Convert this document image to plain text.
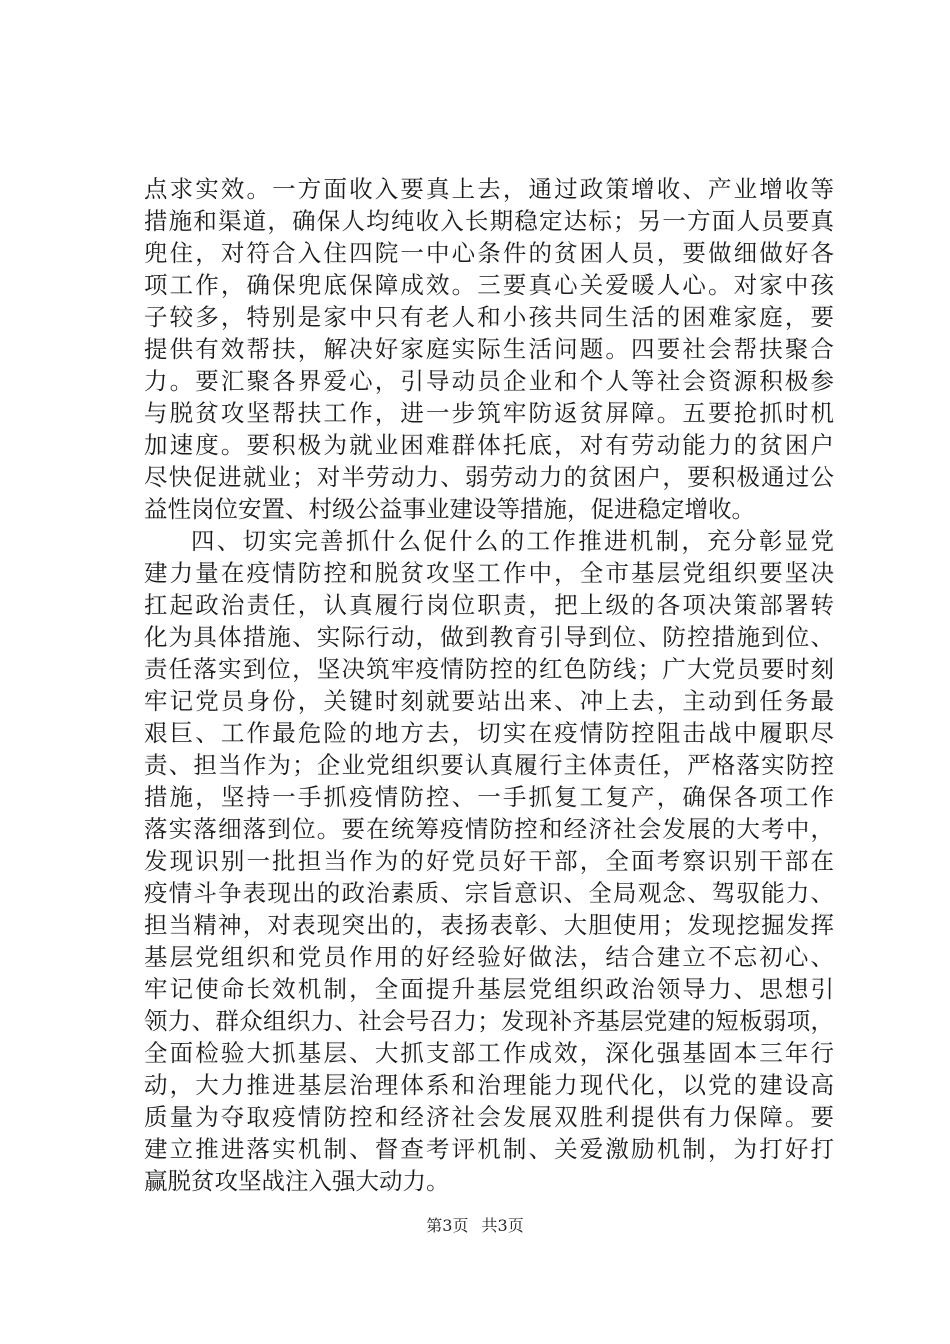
点求实效。一方面收入要真上去，通过政策增收、产业增收等
措施和渠道，确保人均纯收入长期稳定达标；另一方面人员要真
兜住，对符合入住四院一中心条件的贫困人员，要做细做好各
项工作，确保兜底保障成效。三要真心关爱暖人心。对家中孩
子较多，特别是家中只有老人和小孩共同生活的困难家庭，要
提供有效帮扶，解决好家庭实际生活问题。四要社会帮扶聚合
力。要汇聚各界爱心，引导动员企业和个人等社会资源积极参
与脱贫攻坚帮扶工作，进一步筑牢防返贫屏障。五要抢抓时机
加速度。要积极为就业困难群体托底，对有劳动能力的贫困户
尽快促进就业；对半劳动力、弱劳动力的贫困户，要积极通过公
益性岗位安置、村级公益事业建设等措施，促进稳定增收。
四、切实完善抓什么促什么的工作推进机制，充分彰显党
建力量在疫情防控和脱贫攻坚工作中，全市基层党组织要坚决
扛起政治责任，认真履行岗位职责，把上级的各项决策部署转
化为具体措施、实际行动，做到教育引导到位、防控措施到位、
责任落实到位，坚决筑牢疫情防控的红色防线；广大党员要时刻
牢记党员身份，关键时刻就要站出来、冲上去，主动到任务最
艰巨、工作最危险的地方去，切实在疫情防控阻击战中履职尽
责、担当作为；企业党组织要认真履行主体责任，严格落实防控
措施，坚持一手抓疫情防控、一手抓复工复产，确保各项工作
落实落细落到位。要在统筹疫情防控和经济社会发展的大考中，
发现识别一批担当作为的好党员好干部，全面考察识别干部在
疫情斗争表现出的政治素质、宗旨意识、全局观念、驾驭能力、
担当精神，对表现突出的，表扬表彰、大胆使用；发现挖掘发挥
基层党组织和党员作用的好经验好做法，结合建立不忘初心、
牢记使命长效机制，全面提升基层党组织政治领导力、思想引
领力、群众组织力、社会号召力；发现补齐基层党建的短板弱项，
全面检验大抓基层、大抓支部工作成效，深化强基固本三年行
动，大力推进基层治理体系和治理能力现代化，以党的建设高
质量为夺取疫情防控和经济社会发展双胜利提供有力保障。要
建立推进落实机制、督查考评机制、关爱激励机制，为打好打
赢脱贫攻坚战注入强大动力。
第3页 共3页
